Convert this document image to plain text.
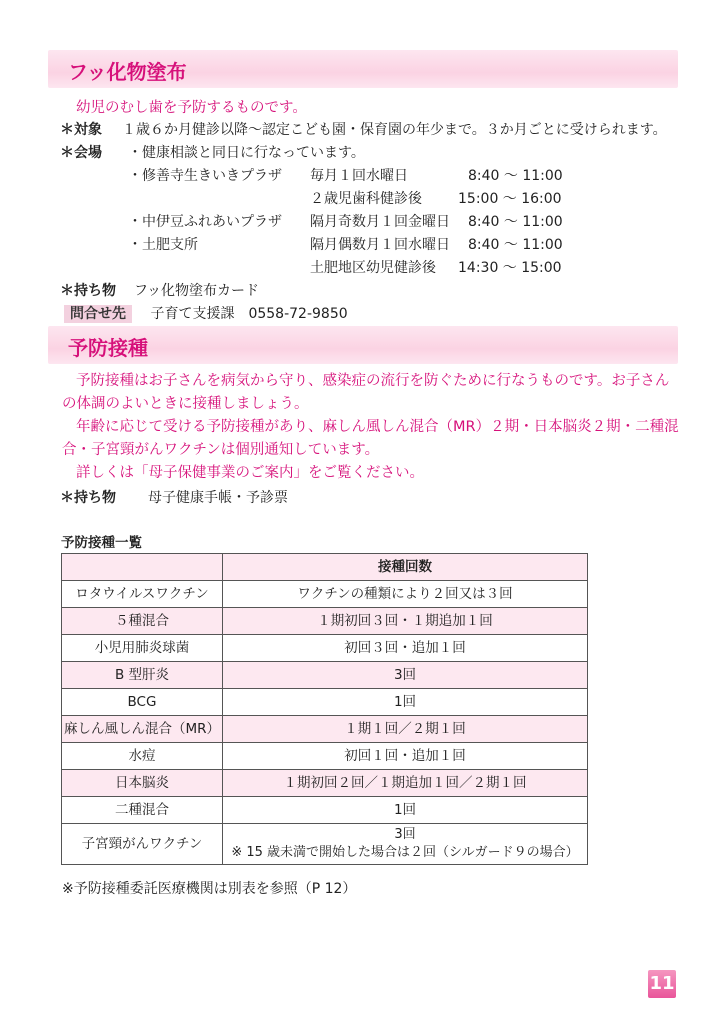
フッ化物塗布
幼児のむし歯を予防するものです。
＊対象 １歳６か月健診以降〜認定こども園・保育園の年少まで。３か月ごとに受けられます。
＊会場 ・健康相談と同日に行なっています。
・修善寺生きいきプラザ 毎月１回水曜日	8:40 〜 11:00
２歳児歯科健診後	15:00 〜 16:00
・中伊豆ふれあいプラザ 隔月奇数月１回金曜日 8:40 〜 11:00
・土肥支所	隔月偶数月１回水曜日 8:40 〜 11:00
土肥地区幼児健診後 14:30 〜 15:00
＊持ち物 フッ化物塗布カード
問合せ先 子育て支援課　0558-72-9850
予防接種
予防接種はお子さんを病気から守り、感染症の流行を防ぐために行なうものです。お子さんの体調のよいときに接種しましょう。
年齢に応じて受ける予防接種があり、麻しん風しん混合（MR）２期・日本脳炎２期・二種混合・子宮頸がんワクチンは個別通知しています。
詳しくは「母子保健事業のご案内」をご覧ください。
＊持ち物 母子健康手帳・予診票
予防接種一覧
	接種回数
ロタウイルスワクチン	ワクチンの種類により２回又は３回
５種混合	１期初回３回・１期追加１回
小児用肺炎球菌	初回３回・追加１回
B 型肝炎	3回
BCG	1回
麻しん風しん混合（MR）	１期１回／２期１回
水痘	初回１回・追加１回
日本脳炎	１期初回２回／１期追加１回／２期１回
二種混合	1回
子宮頸がんワクチン	3回
※ 15 歳未満で開始した場合は２回（シルガード９の場合）
※予防接種委託医療機関は別表を参照（P 12）
11
